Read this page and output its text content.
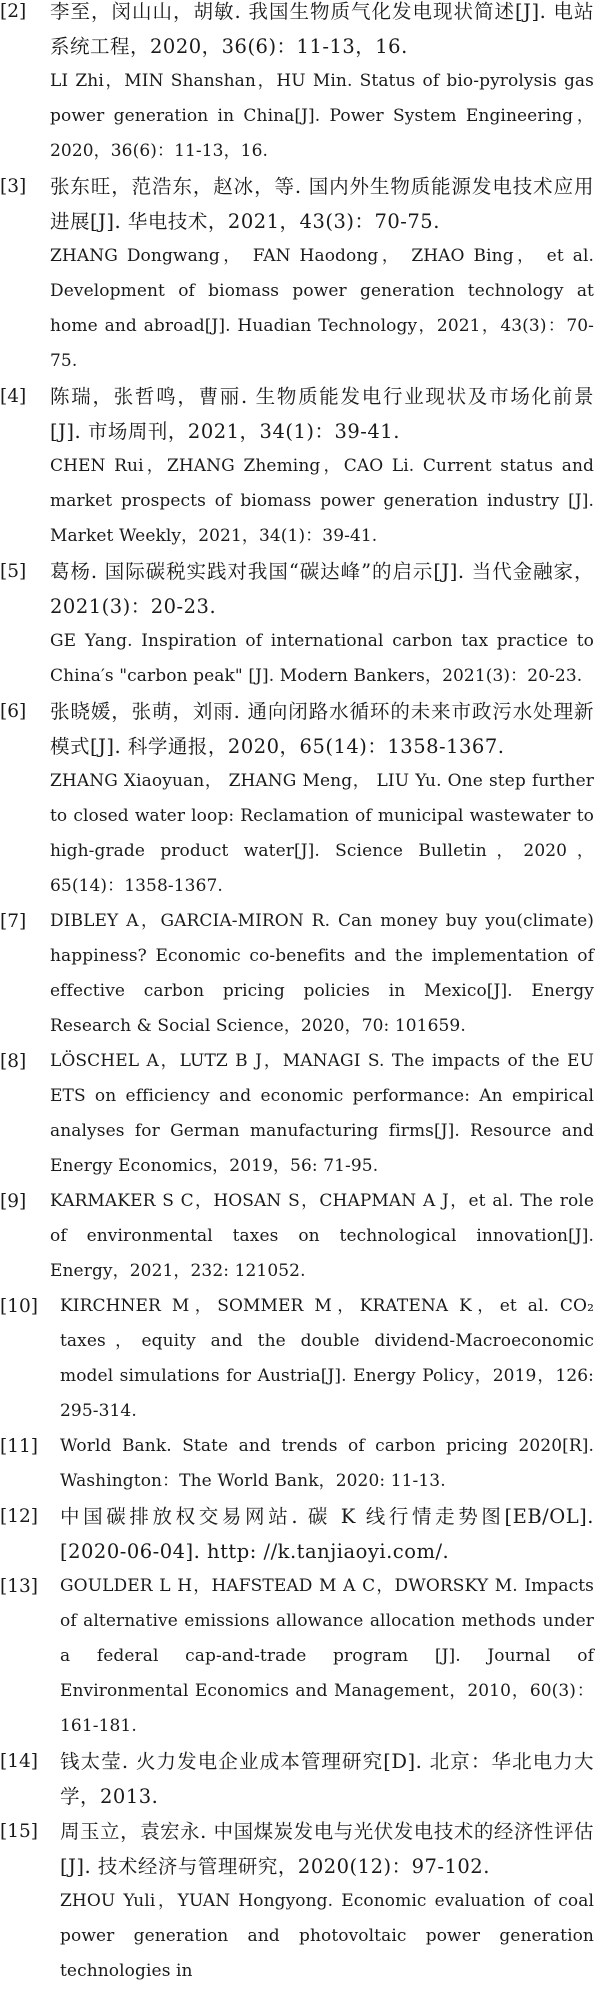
[2] 李至，闵山山，胡敏. 我国生物质气化发电现状简述[J]. 电站系统工程，2020，36(6)：11-13，16.
LI Zhi，MIN Shanshan，HU Min. Status of bio-pyrolysis gas power generation in China[J]. Power System Engineering，2020，36(6)：11-13，16.
[3] 张东旺，范浩东，赵冰，等. 国内外生物质能源发电技术应用进展[J]. 华电技术，2021，43(3)：70-75.
ZHANG Dongwang， FAN Haodong， ZHAO Bing， et al. Development of biomass power generation technology at home and abroad[J]. Huadian Technology，2021，43(3)：70-75.
[4] 陈瑞，张哲鸣，曹丽. 生物质能发电行业现状及市场化前景[J]. 市场周刊，2021，34(1)：39-41.
CHEN Rui，ZHANG Zheming，CAO Li. Current status and market prospects of biomass power generation industry [J]. Market Weekly，2021，34(1)：39-41.
[5] 葛杨. 国际碳税实践对我国“碳达峰”的启示[J]. 当代金融家，2021(3)：20-23.
GE Yang. Inspiration of international carbon tax practice to China′s "carbon peak" [J]. Modern Bankers，2021(3)：20-23.
[6] 张晓媛，张萌，刘雨. 通向闭路水循环的未来市政污水处理新模式[J]. 科学通报，2020，65(14)：1358-1367.
ZHANG Xiaoyuan， ZHANG Meng， LIU Yu. One step further to closed water loop: Reclamation of municipal wastewater to high-grade product water[J]. Science Bulletin，2020，65(14)：1358-1367.
[7] DIBLEY A，GARCIA-MIRON R. Can money buy you(climate) happiness? Economic co-benefits and the implementation of effective carbon pricing policies in Mexico[J]. Energy Research & Social Science，2020，70: 101659.
[8] LÖSCHEL A，LUTZ B J，MANAGI S. The impacts of the EU ETS on efficiency and economic performance: An empirical analyses for German manufacturing firms[J]. Resource and Energy Economics，2019，56: 71-95.
[9] KARMAKER S C，HOSAN S，CHAPMAN A J，et al. The role of environmental taxes on technological innovation[J]. Energy，2021，232: 121052.
[10] KIRCHNER M，SOMMER M，KRATENA K，et al. CO₂ taxes，equity and the double dividend-Macroeconomic model simulations for Austria[J]. Energy Policy，2019，126: 295-314.
[11] World Bank. State and trends of carbon pricing 2020[R]. Washington：The World Bank，2020: 11-13.
[12] 中国碳排放权交易网站. 碳 K 线行情走势图[EB/OL]. [2020-06-04]. http: //k.tanjiaoyi.com/.
[13] GOULDER L H，HAFSTEAD M A C，DWORSKY M. Impacts of alternative emissions allowance allocation methods under a federal cap-and-trade program [J]. Journal of Environmental Economics and Management，2010，60(3)：161-181.
[14] 钱太莹. 火力发电企业成本管理研究[D]. 北京：华北电力大学，2013.
[15] 周玉立，袁宏永. 中国煤炭发电与光伏发电技术的经济性评估[J]. 技术经济与管理研究，2020(12)：97-102.
ZHOU Yuli，YUAN Hongyong. Economic evaluation of coal power generation and photovoltaic power generation technologies in
